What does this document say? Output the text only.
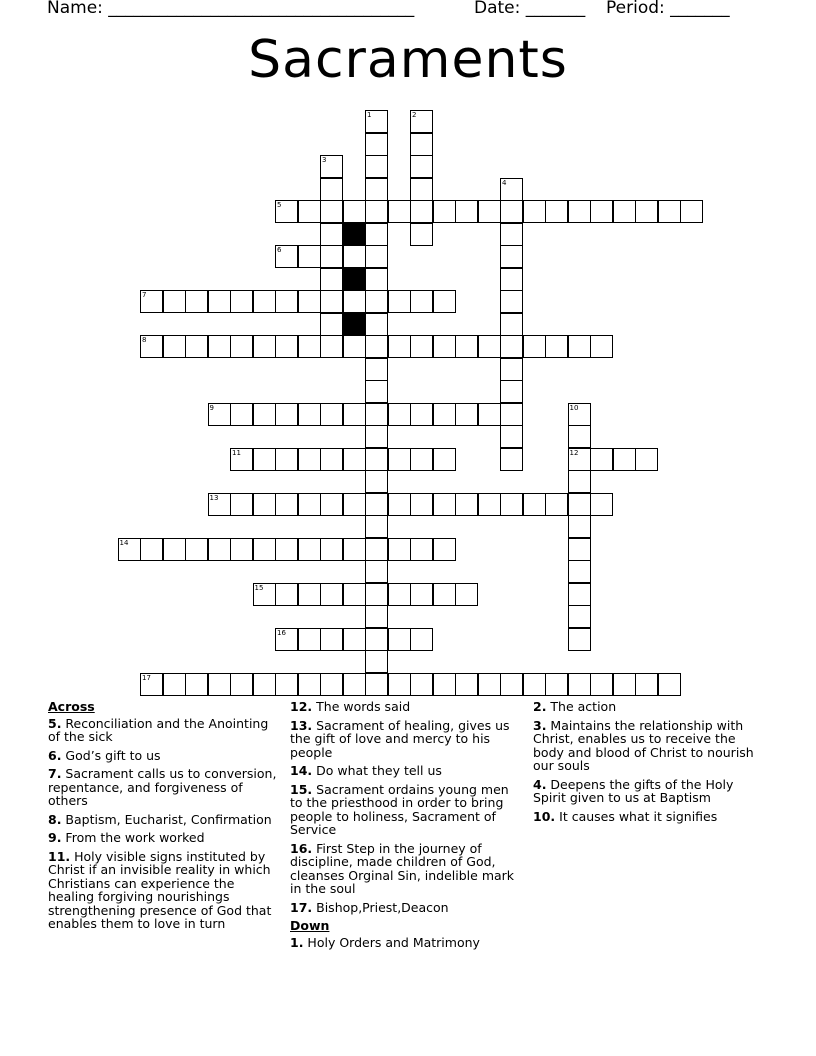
Name: ____________________________________	Date: _______ Period: _______
Sacraments
1	2
3
4
5
6
7
8
9	10
12
11
13
14
15
16
17
Across
5. Reconciliation and the Anointing of the sick
6. God’s gift to us
7. Sacrament calls us to conversion, repentance, and forgiveness of others
8. Baptism, Eucharist, Confirmation
9. From the work worked
11. Holy visible signs instituted by Christ if an invisible reality in which Christians can experience the healing forgiving nourishings strengthening presence of God that enables them to love in turn
12. The words said
13. Sacrament of healing, gives us the gift of love and mercy to his people
14. Do what they tell us
15. Sacrament ordains young men to the priesthood in order to bring people to holiness, Sacrament of Service
16. First Step in the journey of discipline, made children of God, cleanses Orginal Sin, indelible mark in the soul
17. Bishop,Priest,Deacon
Down
1. Holy Orders and Matrimony
2. The action
3. Maintains the relationship with Christ, enables us to receive the body and blood of Christ to nourish our souls
4. Deepens the gifts of the Holy Spirit given to us at Baptism
10. It causes what it signifies
